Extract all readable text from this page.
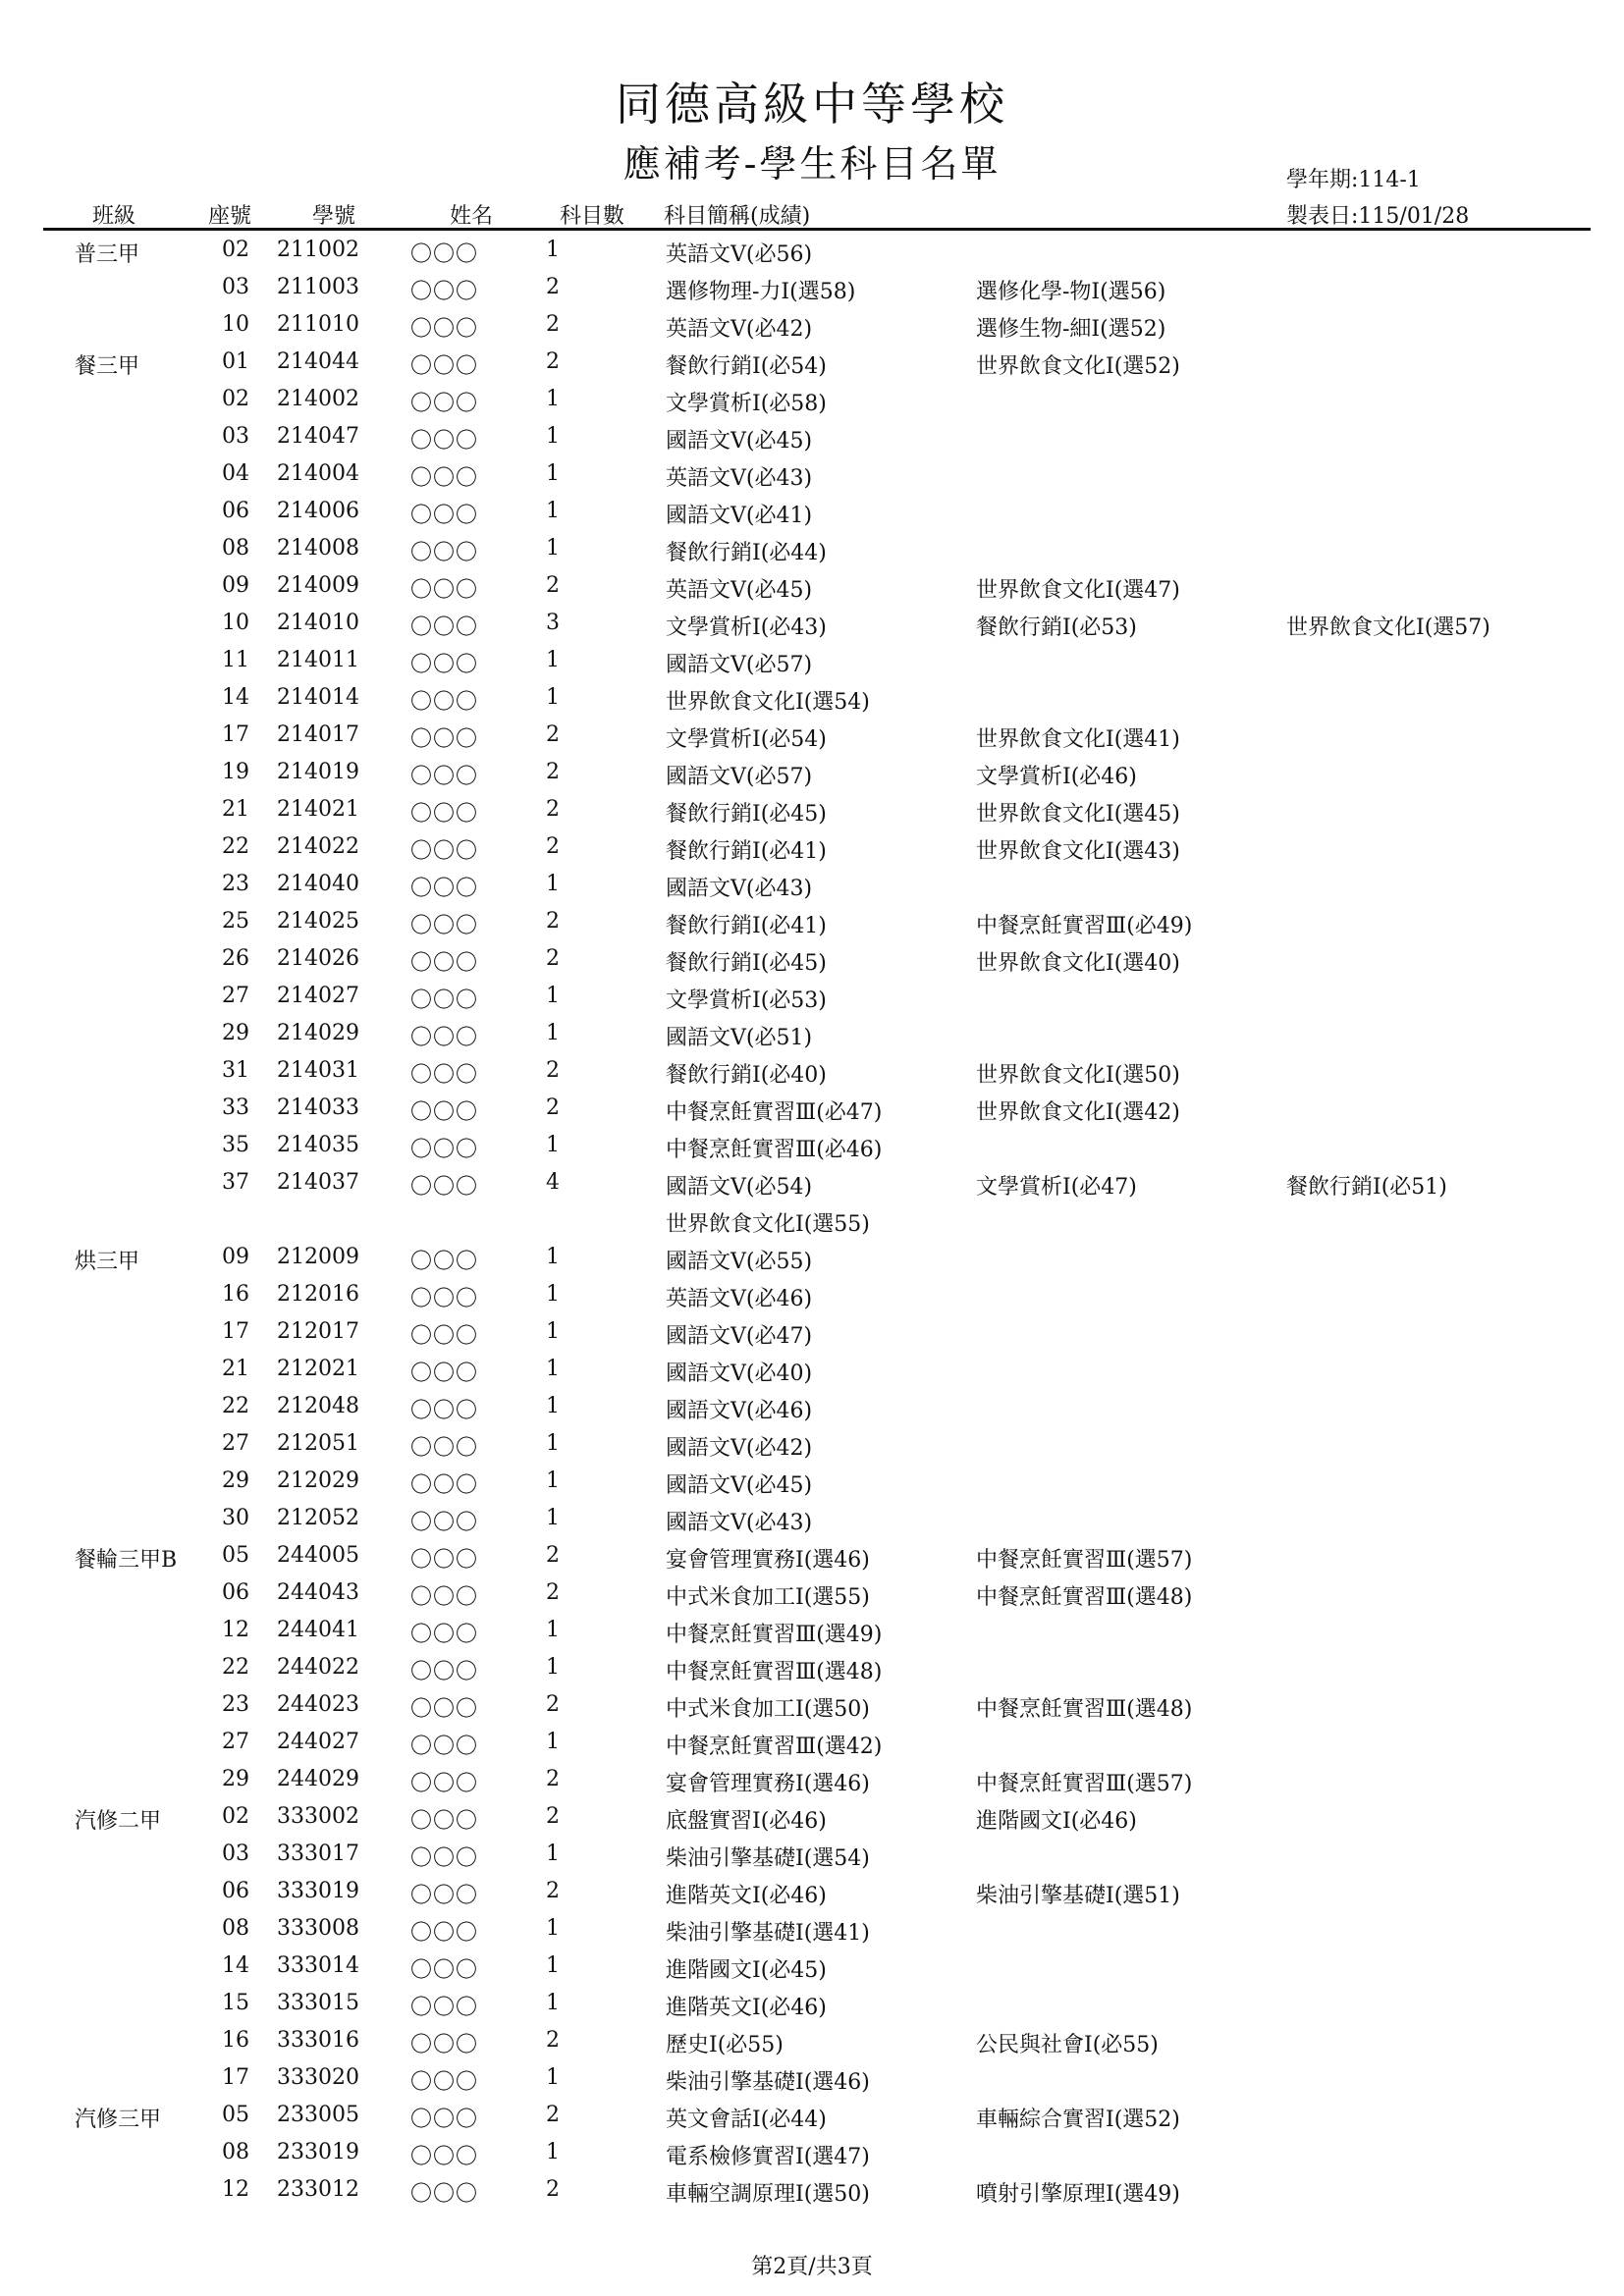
同德高級中等學校
應補考-學生科目名單	學年期:114-1
製表日:115/01/28
班級	座號	學號	姓名	科目數 科目簡稱(成績)
普三甲	02 211002 〇〇〇	1	英語文Ⅴ(必56)
03 211003 〇〇〇	2	選修物理-力Ⅰ(選58)	選修化學-物Ⅰ(選56)
10 211010 〇〇〇	2	英語文Ⅴ(必42)	選修生物-細Ⅰ(選52)
餐三甲	01 214044 〇〇〇	2	餐飲行銷Ⅰ(必54)	世界飲食文化Ⅰ(選52)
02 214002 〇〇〇	1	文學賞析Ⅰ(必58)
03 214047 〇〇〇	1	國語文Ⅴ(必45)
04 214004 〇〇〇	1	英語文Ⅴ(必43)
06 214006 〇〇〇	1	國語文Ⅴ(必41)
08 214008 〇〇〇	1	餐飲行銷Ⅰ(必44)
09 214009 〇〇〇	2	英語文Ⅴ(必45)	世界飲食文化Ⅰ(選47)
10 214010 〇〇〇	3	文學賞析Ⅰ(必43)	餐飲行銷Ⅰ(必53)	世界飲食文化Ⅰ(選57)
11 214011 〇〇〇	1	國語文Ⅴ(必57)
14 214014 〇〇〇	1	世界飲食文化Ⅰ(選54)
17 214017 〇〇〇	2	文學賞析Ⅰ(必54)	世界飲食文化Ⅰ(選41)
19 214019 〇〇〇	2	國語文Ⅴ(必57)	文學賞析Ⅰ(必46)
21 214021 〇〇〇	2	餐飲行銷Ⅰ(必45)	世界飲食文化Ⅰ(選45)
22 214022 〇〇〇	2	餐飲行銷Ⅰ(必41)	世界飲食文化Ⅰ(選43)
23 214040 〇〇〇	1	國語文Ⅴ(必43)
25 214025 〇〇〇	2	餐飲行銷Ⅰ(必41)	中餐烹飪實習Ⅲ(必49)
26 214026 〇〇〇	2	餐飲行銷Ⅰ(必45)	世界飲食文化Ⅰ(選40)
27 214027 〇〇〇	1	文學賞析Ⅰ(必53)
29 214029 〇〇〇	1	國語文Ⅴ(必51)
31 214031 〇〇〇	2	餐飲行銷Ⅰ(必40)	世界飲食文化Ⅰ(選50)
33 214033 〇〇〇	2	中餐烹飪實習Ⅲ(必47)	世界飲食文化Ⅰ(選42)
35 214035 〇〇〇	1	中餐烹飪實習Ⅲ(必46)
37 214037 〇〇〇	4	國語文Ⅴ(必54)	文學賞析Ⅰ(必47)	餐飲行銷Ⅰ(必51)
世界飲食文化Ⅰ(選55)
烘三甲	09 212009 〇〇〇	1	國語文Ⅴ(必55)
16 212016 〇〇〇	1	英語文Ⅴ(必46)
17 212017 〇〇〇	1	國語文Ⅴ(必47)
21 212021 〇〇〇	1	國語文Ⅴ(必40)
22 212048 〇〇〇	1	國語文Ⅴ(必46)
27 212051 〇〇〇	1	國語文Ⅴ(必42)
29 212029 〇〇〇	1	國語文Ⅴ(必45)
30 212052 〇〇〇	1	國語文Ⅴ(必43)
餐輪三甲B 05 244005 〇〇〇	2	宴會管理實務Ⅰ(選46)	中餐烹飪實習Ⅲ(選57)
06 244043 〇〇〇	2	中式米食加工Ⅰ(選55)	中餐烹飪實習Ⅲ(選48)
12 244041 〇〇〇	1	中餐烹飪實習Ⅲ(選49)
22 244022 〇〇〇	1	中餐烹飪實習Ⅲ(選48)
23 244023 〇〇〇	2	中式米食加工Ⅰ(選50)	中餐烹飪實習Ⅲ(選48)
27 244027 〇〇〇	1	中餐烹飪實習Ⅲ(選42)
29 244029 〇〇〇	2	宴會管理實務Ⅰ(選46)	中餐烹飪實習Ⅲ(選57)
汽修二甲	02 333002 〇〇〇	2	底盤實習Ⅰ(必46)	進階國文Ⅰ(必46)
03 333017 〇〇〇	1	柴油引擎基礎Ⅰ(選54)
06 333019 〇〇〇	2	進階英文Ⅰ(必46)	柴油引擎基礎Ⅰ(選51)
08 333008 〇〇〇	1	柴油引擎基礎Ⅰ(選41)
14 333014 〇〇〇	1	進階國文Ⅰ(必45)
15 333015 〇〇〇	1	進階英文Ⅰ(必46)
16 333016 〇〇〇	2	歷史Ⅰ(必55)	公民與社會Ⅰ(必55)
17 333020 〇〇〇	1	柴油引擎基礎Ⅰ(選46)
汽修三甲	05 233005 〇〇〇	2	英文會話Ⅰ(必44)	車輛綜合實習Ⅰ(選52)
08 233019 〇〇〇	1	電系檢修實習Ⅰ(選47)
12 233012 〇〇〇	2	車輛空調原理Ⅰ(選50)	噴射引擎原理Ⅰ(選49)
第2頁/共3頁
